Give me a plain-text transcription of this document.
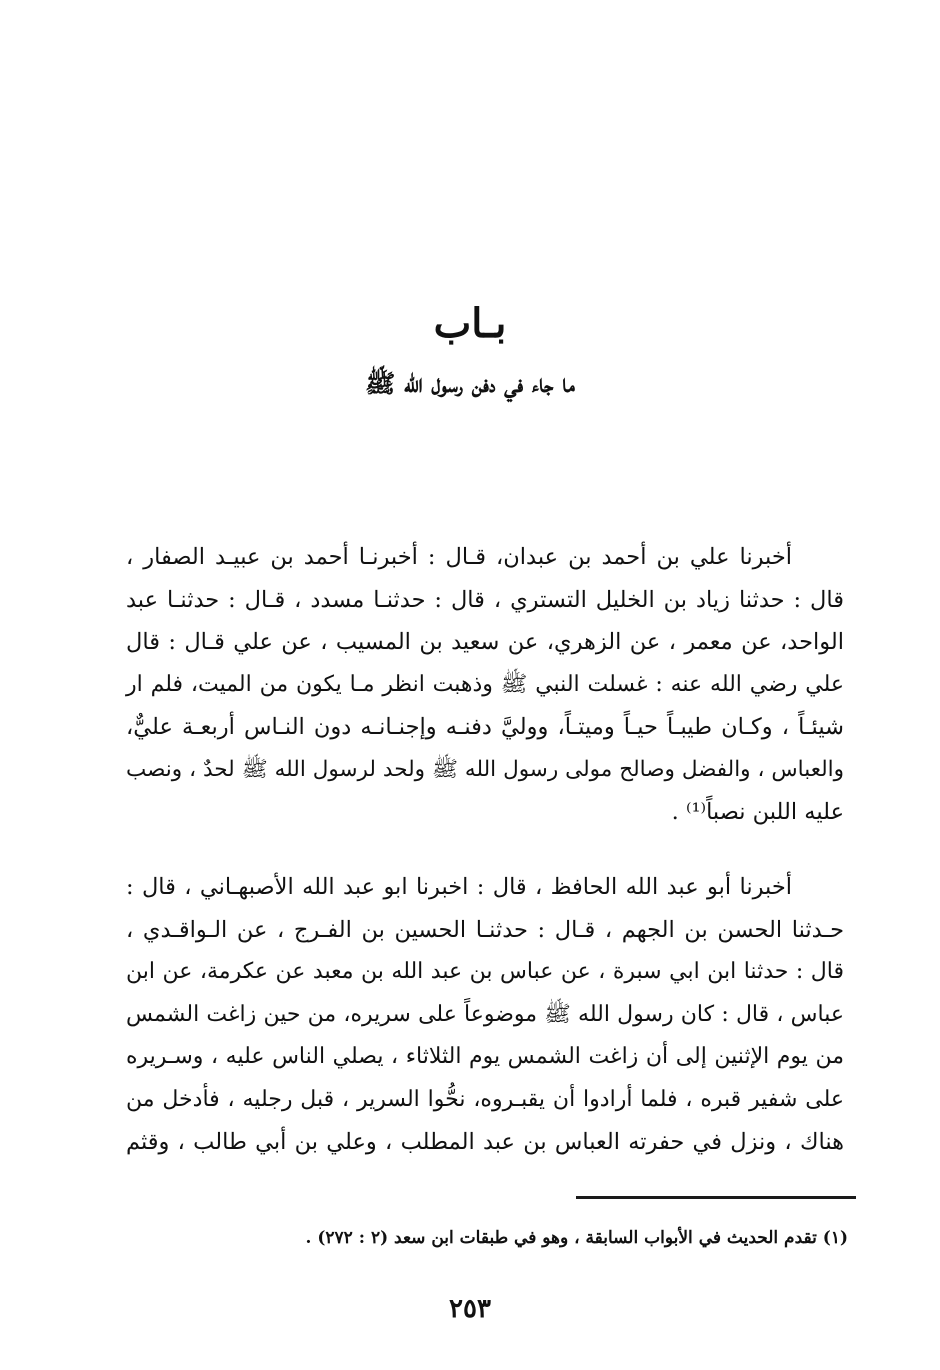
بـاب
ما جاء في دفن رسول الله ﷺ
أخبرنا علي بن أحمد بن عبدان، قـال : أخبرنـا أحمد بن عبيـد الصفار ،
قال : حدثنا زياد بن الخليل التستري ، قال : حدثنـا مسدد ، قـال : حدثنـا عبد
الواحد، عن معمر ، عن الزهري، عن سعيد بن المسيب ، عن علي قـال : قال
علي رضي الله عنه : غسلت النبي ﷺ وذهبت انظر مـا يكون من الميت، فلم ار
شيئـاً ، وكـان طيبـاً حيـاً وميتـاً، ووليَّ دفنـه وإجنـانـه دون النـاس أربعـة عليٌّ،
والعباس ، والفضل وصالح مولى رسول الله ﷺ ولحد لرسول الله ﷺ لحدٌ ، ونصب
عليه اللبن نصباً⁽¹⁾ .
أخبرنا أبو عبد الله الحافظ ، قال : اخبرنا ابو عبد الله الأصبهـاني ، قال :
حـدثنا الحسن بن الجهم ، قـال : حدثنـا الحسين بن الفـرج ، عن الـواقـدي ،
قال : حدثنا ابن ابي سبرة ، عن عباس بن عبد الله بن معبد عن عكرمة، عن ابن
عباس ، قال : كان رسول الله ﷺ موضوعاً على سريره، من حين زاغت الشمس
من يوم الإثنين إلى أن زاغت الشمس يوم الثلاثاء ، يصلي الناس عليه ، وسـريره
على شفير قبره ، فلما أرادوا أن يقبـروه، نحُّوا السرير ، قبل رجليه ، فأدخل من
هناك ، ونزل في حفرته العباس بن عبد المطلب ، وعلي بن أبي طالب ، وقثم
(١) تقدم الحديث في الأبواب السابقة ، وهو في طبقات ابن سعد (٢ : ٢٧٢) .
٢٥٣
